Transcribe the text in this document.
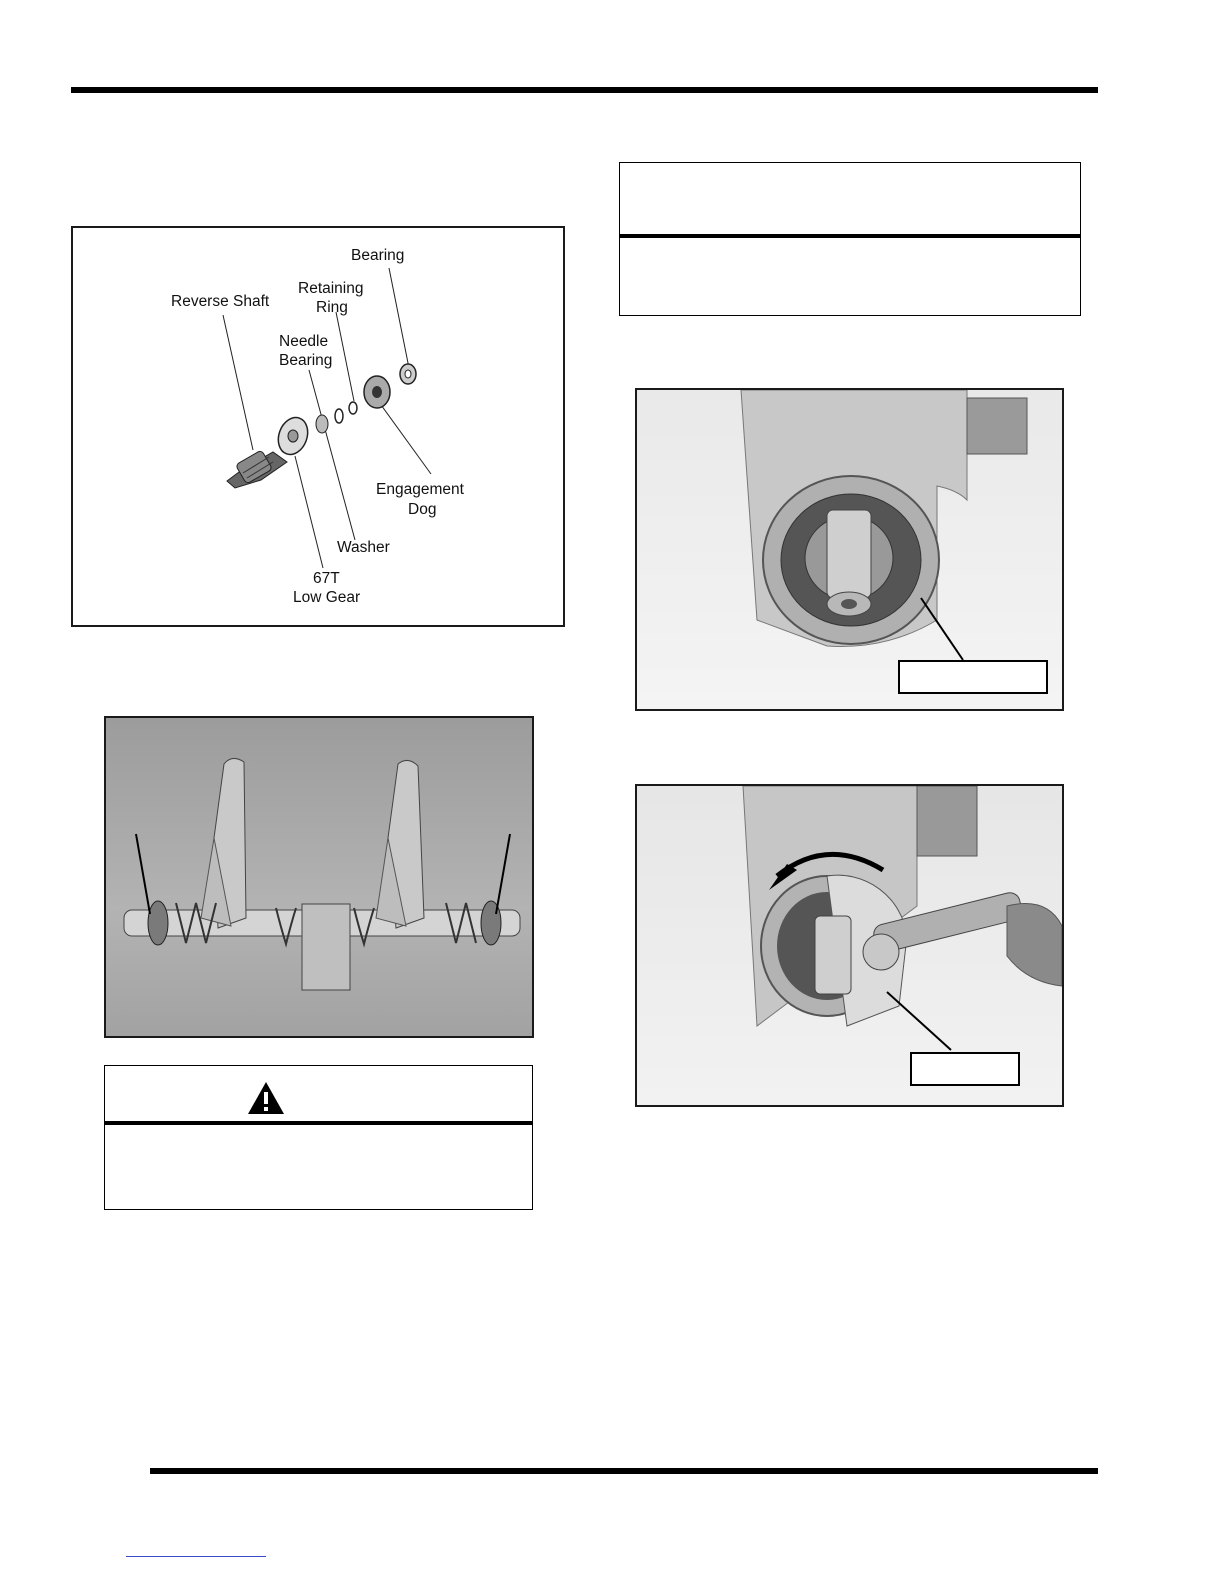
Bearing
Retaining
Ring
Reverse Shaft
Needle
Bearing
Engagement
Dog
Washer
67T
Low Gear
